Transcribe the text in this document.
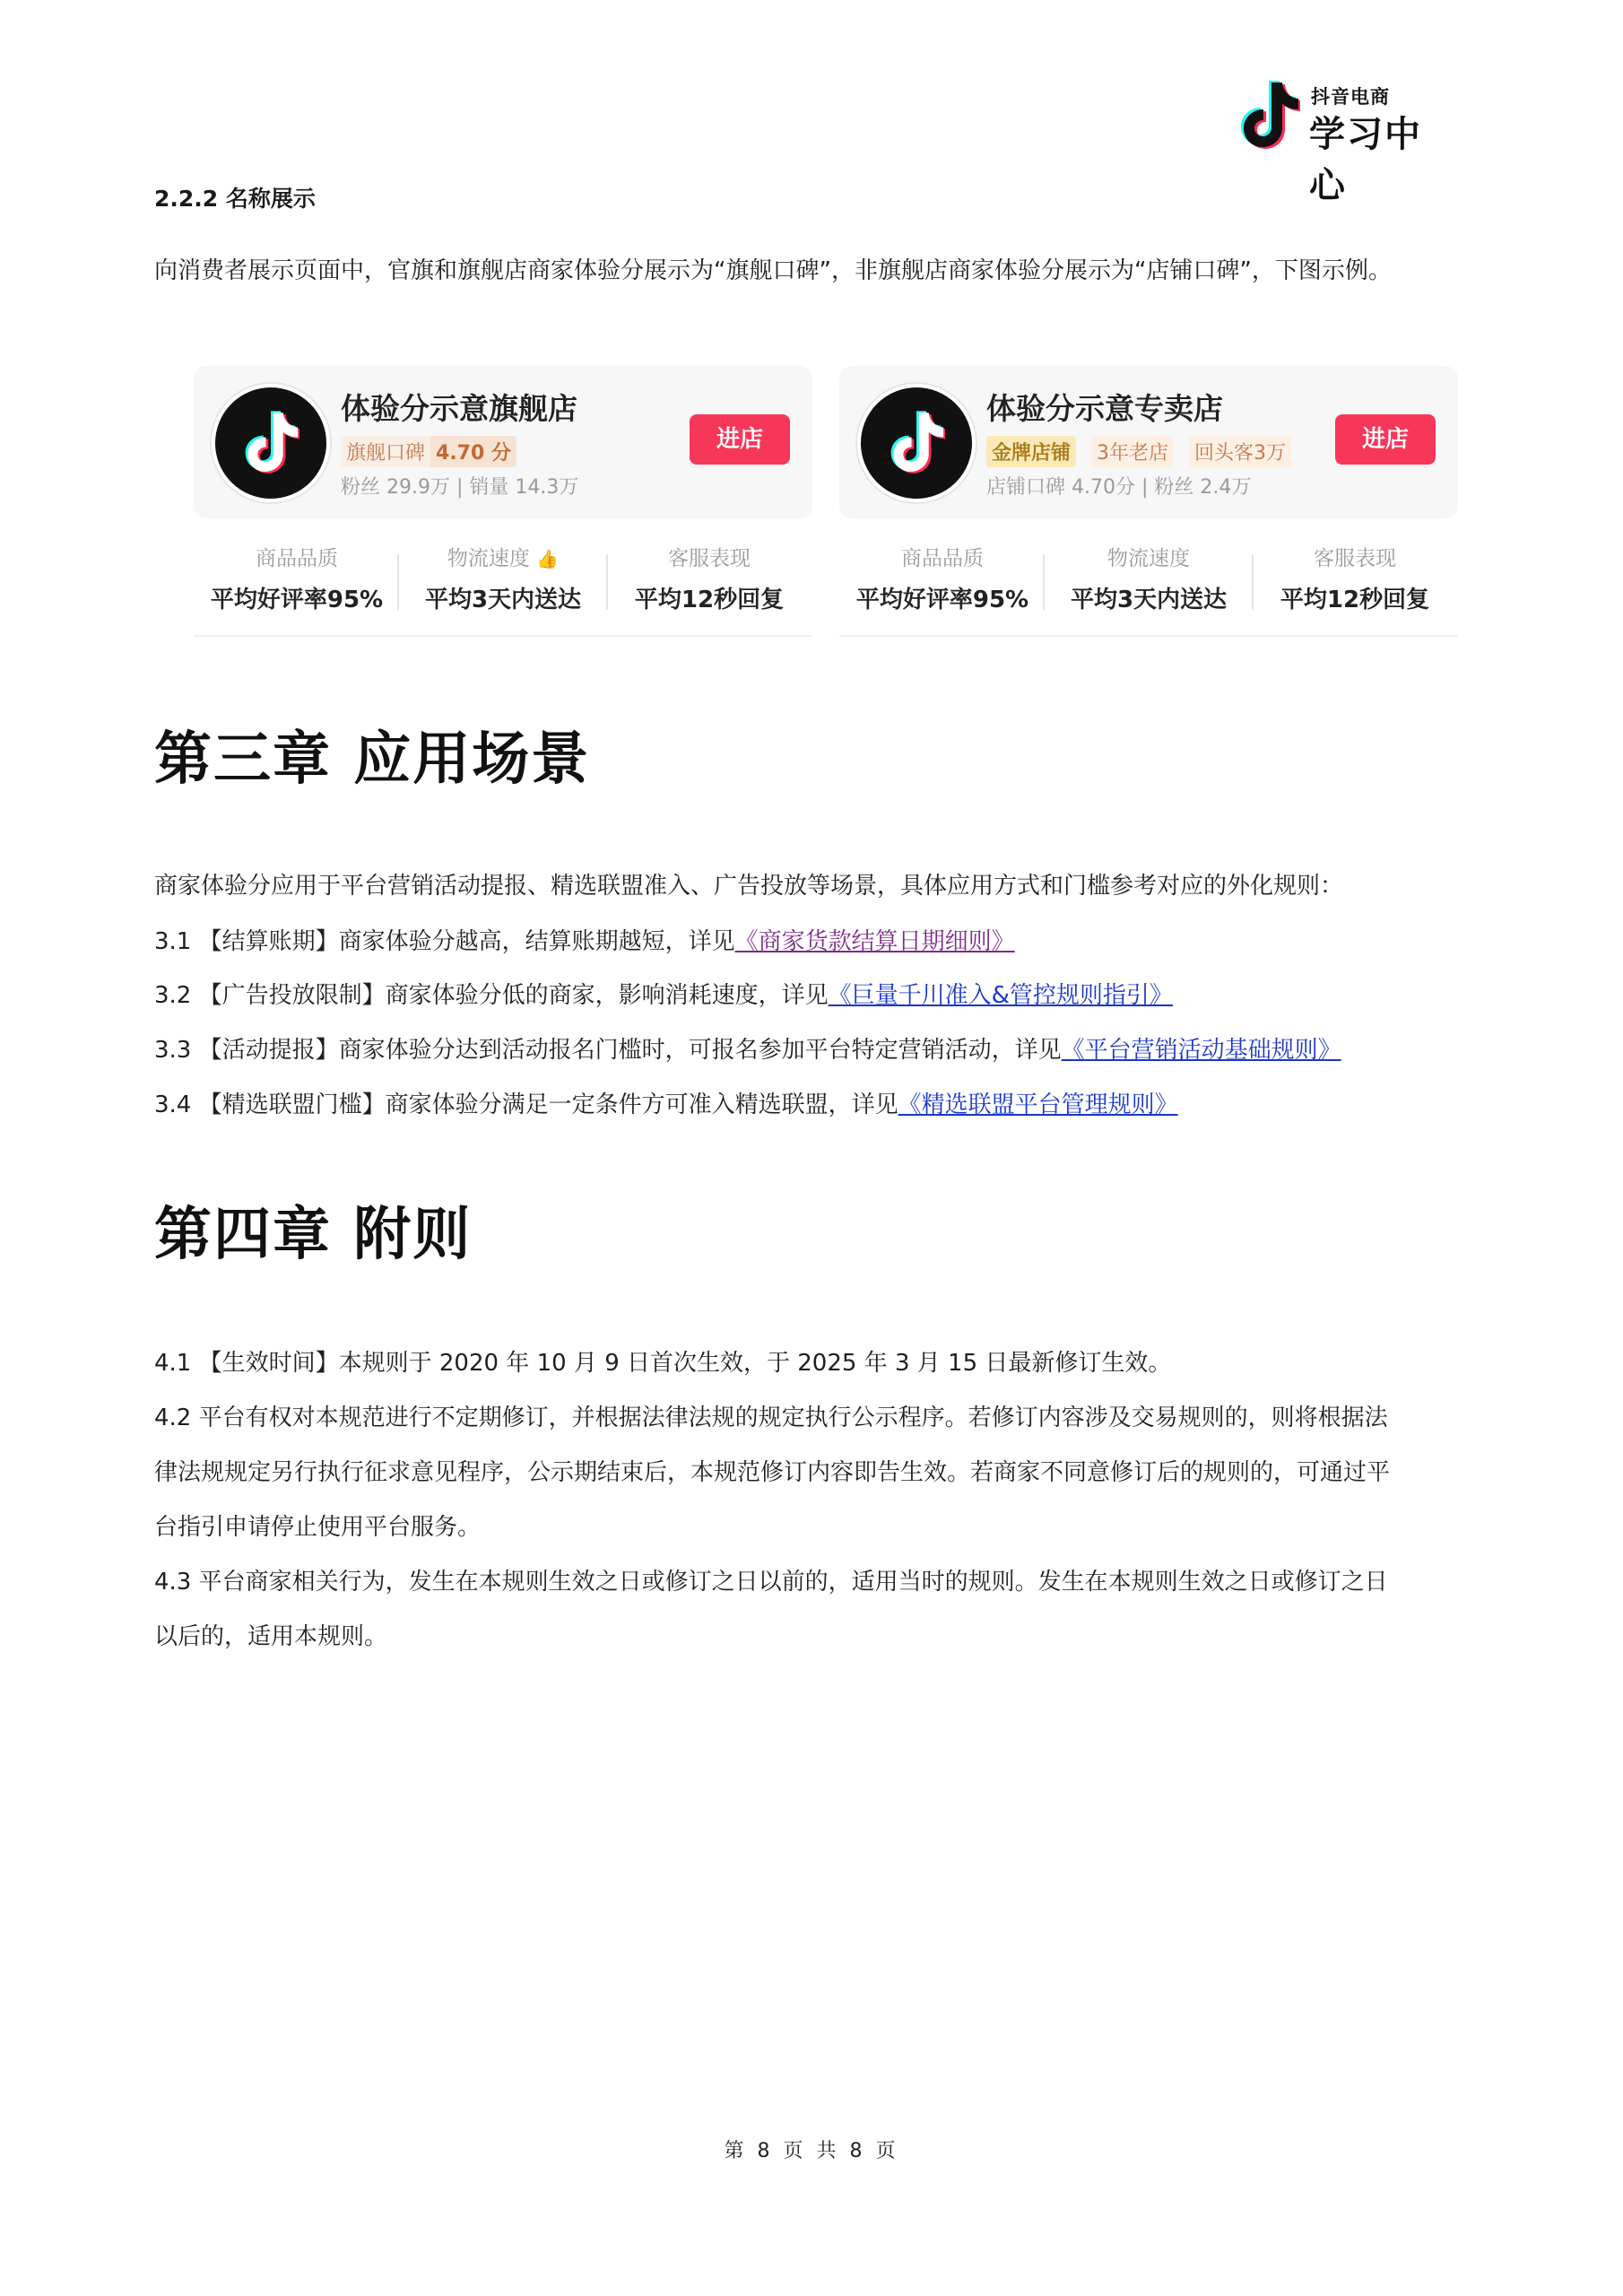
抖音电商
学习中心
2.2.2 名称展示
向消费者展示页面中，官旗和旗舰店商家体验分展示为“旗舰口碑”，非旗舰店商家体验分展示为“店铺口碑”，下图示例。
体验分示意旗舰店
旗舰口碑 4.70 分
粉丝 29.9万 | 销量 14.3万
进店
商品品质
平均好评率95%
物流速度 👍
平均3天内送达
客服表现
平均12秒回复
体验分示意专卖店
金牌店铺 3年老店 回头客3万
店铺口碑 4.70分 | 粉丝 2.4万
进店
商品品质
平均好评率95%
物流速度
平均3天内送达
客服表现
平均12秒回复
第三章 应用场景
商家体验分应用于平台营销活动提报、精选联盟准入、广告投放等场景，具体应用方式和门槛参考对应的外化规则：
3.1 【结算账期】商家体验分越高，结算账期越短，详见《商家货款结算日期细则》
3.2 【广告投放限制】商家体验分低的商家，影响消耗速度，详见《巨量千川准入&管控规则指引》
3.3 【活动提报】商家体验分达到活动报名门槛时，可报名参加平台特定营销活动，详见《平台营销活动基础规则》
3.4 【精选联盟门槛】商家体验分满足一定条件方可准入精选联盟，详见《精选联盟平台管理规则》
第四章 附则
4.1 【生效时间】本规则于 2020 年 10 月 9 日首次生效，于 2025 年 3 月 15 日最新修订生效。
4.2 平台有权对本规范进行不定期修订，并根据法律法规的规定执行公示程序。若修订内容涉及交易规则的，则将根据法
律法规规定另行执行征求意见程序，公示期结束后，本规范修订内容即告生效。若商家不同意修订后的规则的，可通过平
台指引申请停止使用平台服务。
4.3 平台商家相关行为，发生在本规则生效之日或修订之日以前的，适用当时的规则。发生在本规则生效之日或修订之日
以后的，适用本规则。
第 8 页 共 8 页
